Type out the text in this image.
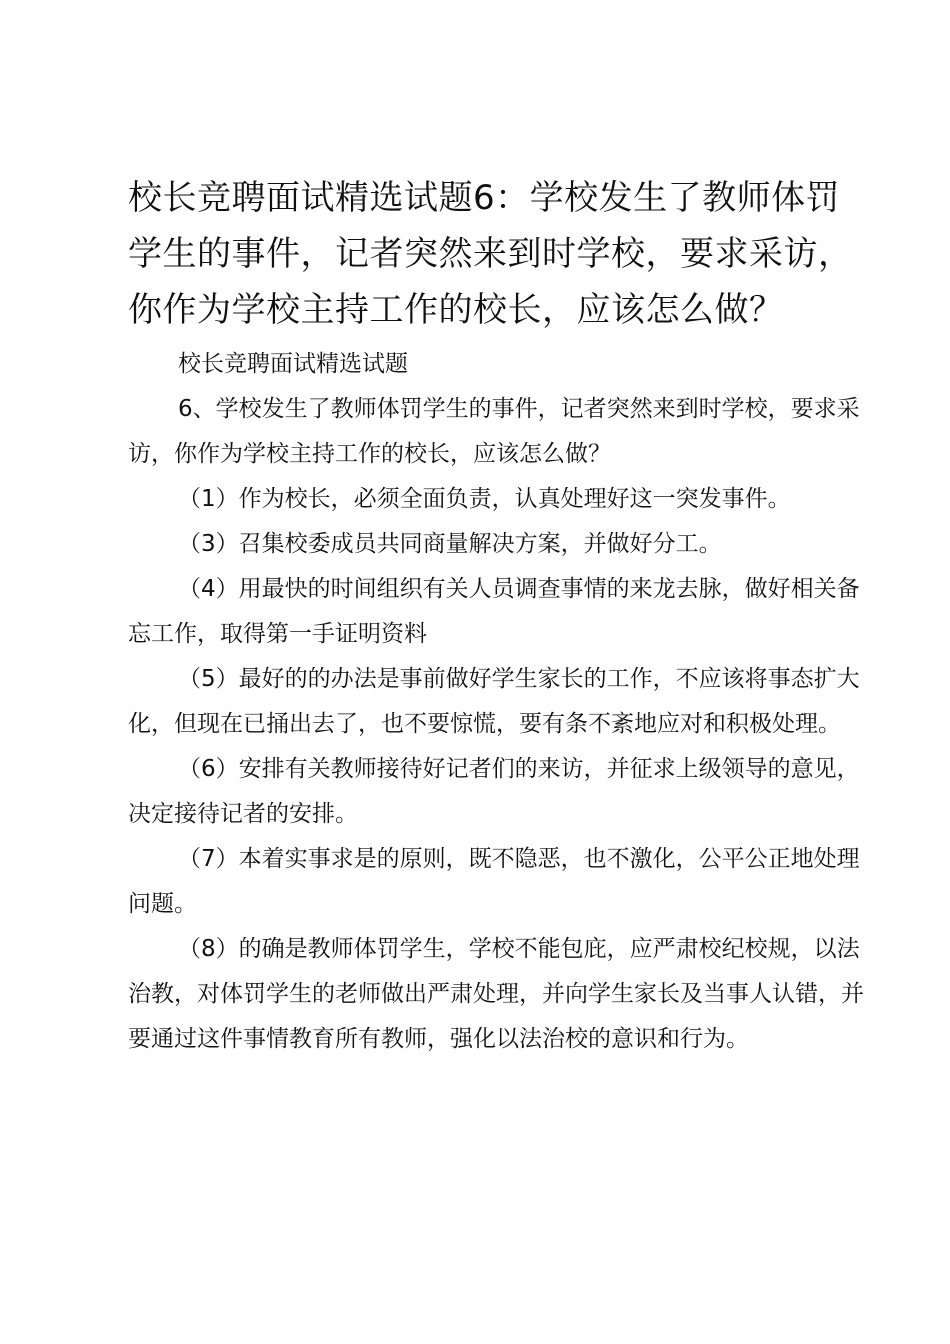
校长竞聘面试精选试题6：学校发生了教师体罚学生的事件，记者突然来到时学校，要求采访，你作为学校主持工作的校长，应该怎么做？

校长竞聘面试精选试题

6、学校发生了教师体罚学生的事件，记者突然来到时学校，要求采访，你作为学校主持工作的校长，应该怎么做？

（1）作为校长，必须全面负责，认真处理好这一突发事件。

（3）召集校委成员共同商量解决方案，并做好分工。

（4）用最快的时间组织有关人员调查事情的来龙去脉，做好相关备忘工作，取得第一手证明资料

（5）最好的的办法是事前做好学生家长的工作，不应该将事态扩大化，但现在已捅出去了，也不要惊慌，要有条不紊地应对和积极处理。

（6）安排有关教师接待好记者们的来访，并征求上级领导的意见，决定接待记者的安排。

（7）本着实事求是的原则，既不隐恶，也不激化，公平公正地处理问题。

（8）的确是教师体罚学生，学校不能包庇，应严肃校纪校规，以法治教，对体罚学生的老师做出严肃处理，并向学生家长及当事人认错，并要通过这件事情教育所有教师，强化以法治校的意识和行为。
